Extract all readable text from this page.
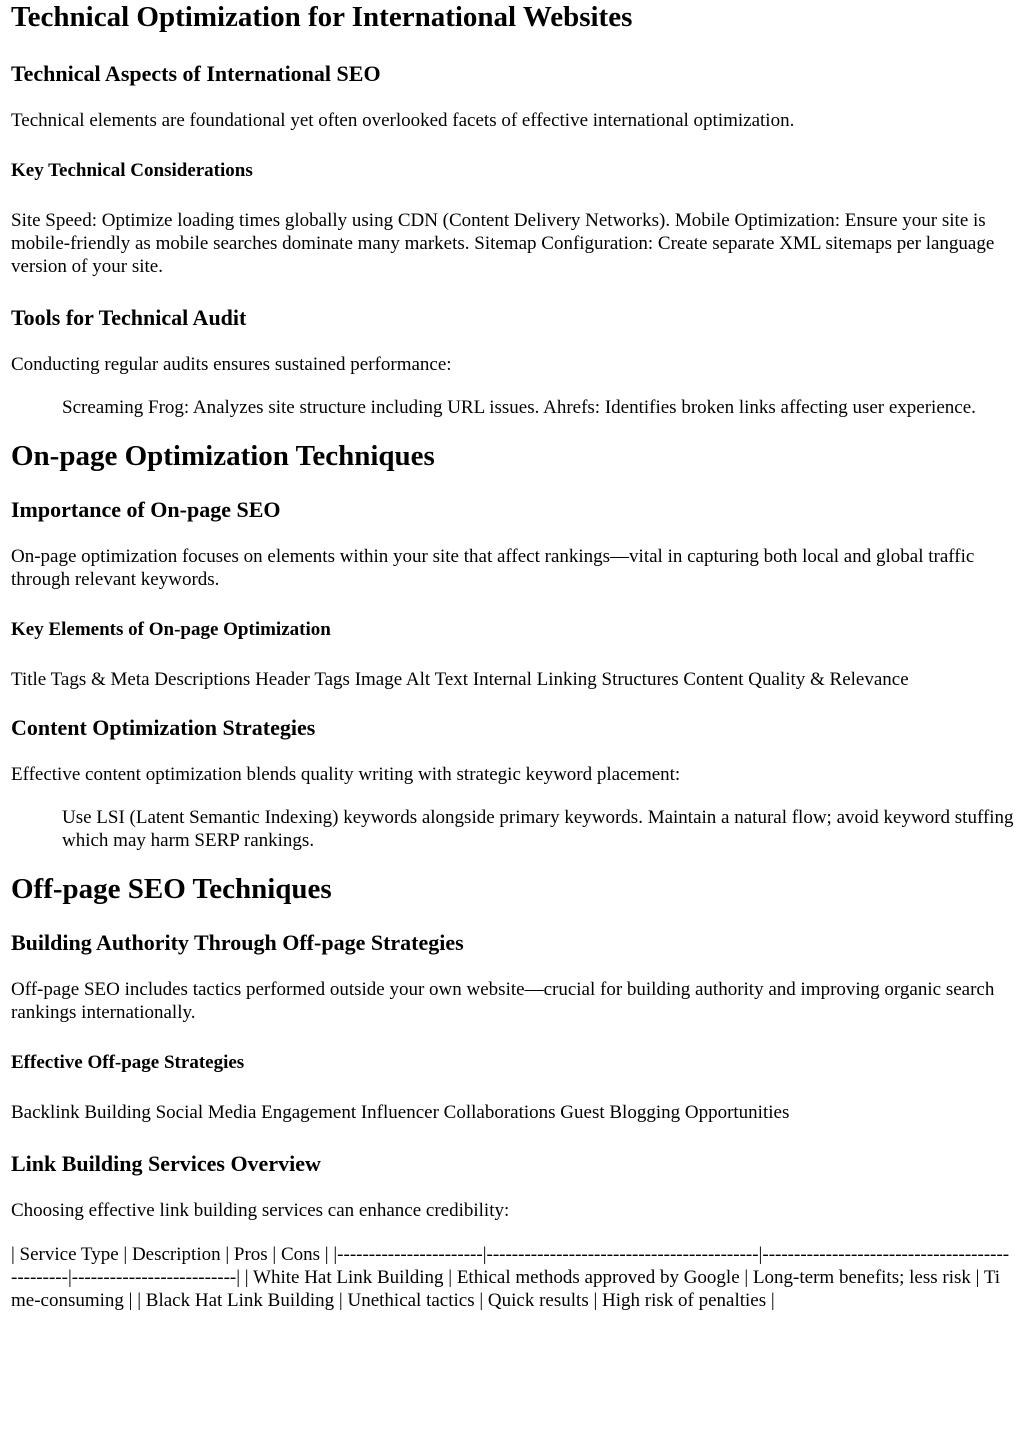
Technical Optimization for International Websites
Technical Aspects of International SEO

Technical elements are foundational yet often overlooked facets of effective international optimization.

Key Technical Considerations

Site Speed: Optimize loading times globally using CDN (Content Delivery Networks). Mobile Optimization: Ensure your site is mobile-friendly as mobile searches dominate many markets. Sitemap Configuration: Create separate XML sitemaps per language version of your site.

Tools for Technical Audit

Conducting regular audits ensures sustained performance:

Screaming Frog: Analyzes site structure including URL issues. Ahrefs: Identifies broken links affecting user experience.
On-page Optimization Techniques
Importance of On-page SEO

On-page optimization focuses on elements within your site that affect rankings—vital in capturing both local and global traffic through relevant keywords.

Key Elements of On-page Optimization

Title Tags & Meta Descriptions Header Tags Image Alt Text Internal Linking Structures Content Quality & Relevance

Content Optimization Strategies

Effective content optimization blends quality writing with strategic keyword placement:

Use LSI (Latent Semantic Indexing) keywords alongside primary keywords. Maintain a natural flow; avoid keyword stuffing which may harm SERP rankings.
Off-page SEO Techniques
Building Authority Through Off-page Strategies

Off-page SEO includes tactics performed outside your own website—crucial for building authority and improving organic search rankings internationally.

Effective Off-page Strategies

Backlink Building Social Media Engagement Influencer Collaborations Guest Blogging Opportunities

Link Building Services Overview

Choosing effective link building services can enhance credibility:

| Service Type | Description | Pros | Cons | |-----------------------|-------------------------------------------|------------------------------------------------|--------------------------| | White Hat Link Building | Ethical methods approved by Google | Long-term benefits; less risk | Time-consuming | | Black Hat Link Building | Unethical tactics | Quick results | High risk of penalties |
